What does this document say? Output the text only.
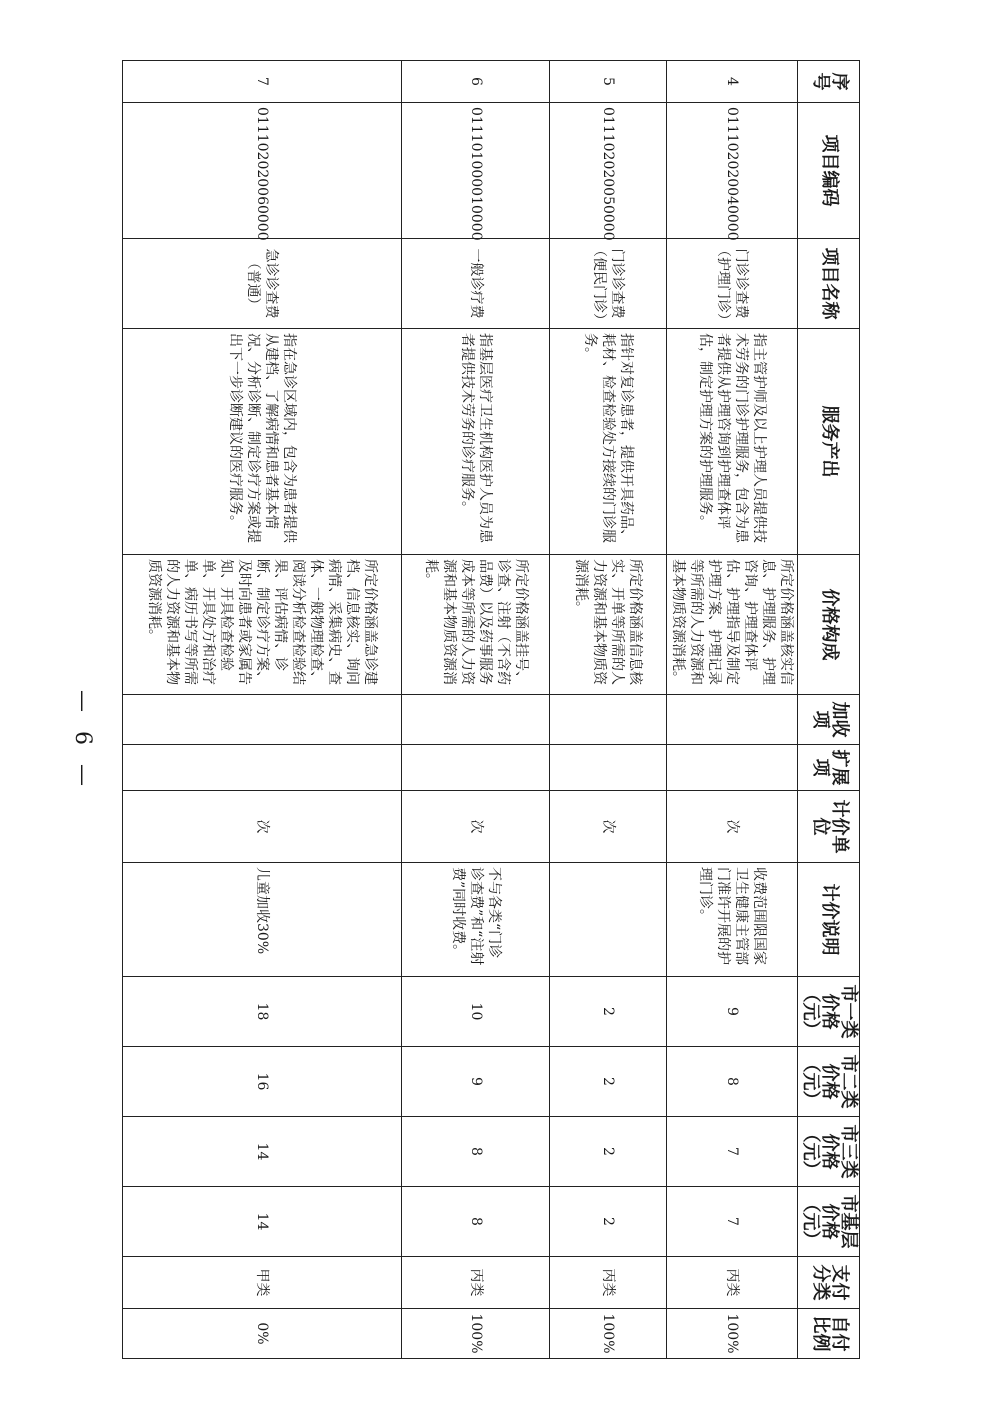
序号	项目编码	项目名称	服务产出	价格构成	加收项	扩展项	计价单位	计价说明	市一类价格（元）	市二类价格（元）	市三类价格（元）	市基层价格（元）	支付分类	自付比例
4	011102020040000	门诊诊查费（护理门诊）	指主管护师及以上护理人员提供技术劳务的门诊护理服务，包含为患者提供从护理咨询到护理查体评估，制定护理方案的护理服务。	所定价格涵盖核实信息、护理服务、护理咨询、护理查体评估、护理指导及制定护理方案、护理记录等所需的人力资源和基本物质资源消耗。			次	收费范围限国家卫生健康主管部门准许开展的护理门诊。	9	8	7	7	丙类	100%
5	011102020050000	门诊诊查费（便民门诊）	指针对复诊患者，提供开具药品、耗材、检查检验处方接续的门诊服务。	所定价格涵盖信息核实、开单等所需的人力资源和基本物质资源消耗。			次		2	2	2	2	丙类	100%
6	011101000010000	一般诊疗费	指基层医疗卫生机构医护人员为患者提供技术劳务的诊疗服务。	所定价格涵盖挂号、诊查、注射（不含药品费）以及药事服务成本等所需的人力资源和基本物质资源消耗。			次	不与各类“门诊诊查费”和“注射费”同时收费。	10	9	8	8	丙类	100%
7	011102020060000	急诊诊查费（普通）	指在急诊区域内，包含为患者提供从建档、了解病情和患者基本情况、分析诊断、制定诊疗方案或提出下一步诊断建议的医疗服务。	所定价格涵盖急诊建档、信息核实、询问病情、采集病史、查体、一般物理检查、阅读分析检查检验结果、评估病情、诊断、制定诊疗方案、及时向患者或家属告知、开具检查检验单、开具处方和治疗单、病历书写等所需的人力资源和基本物质资源消耗。			次	儿童加收30%	18	16	14	14	甲类	0%
— 6 —
